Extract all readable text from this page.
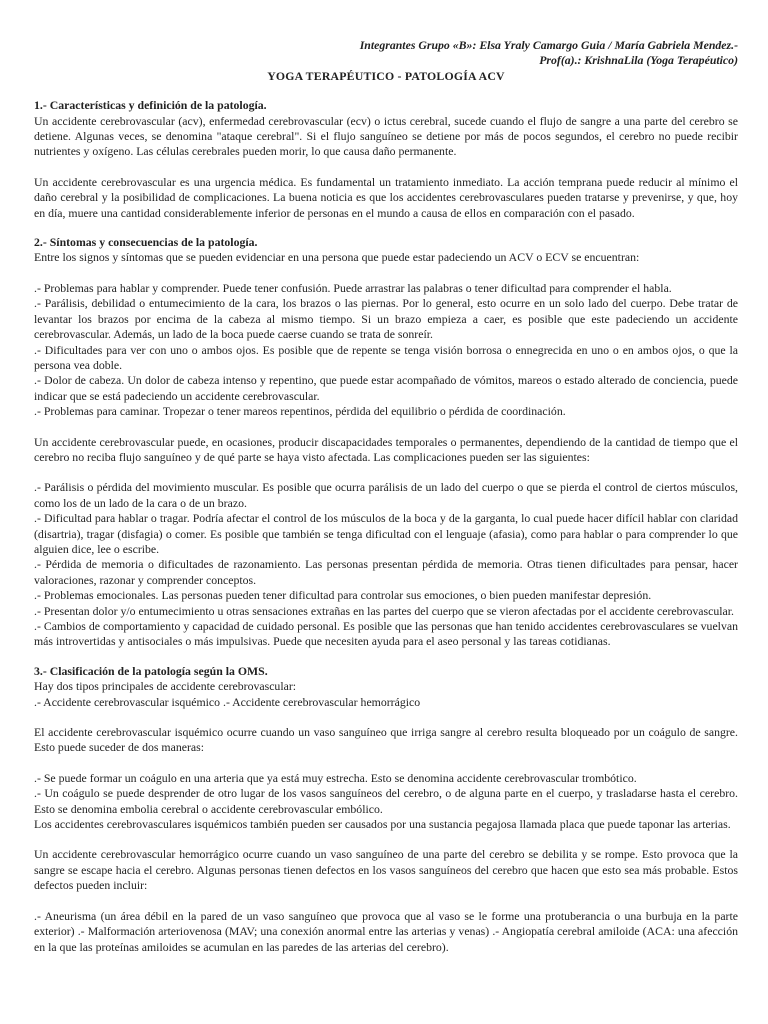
Integrantes Grupo «B»: Elsa Yraly Camargo Guia / María Gabriela Mendez.-
Prof(a).: KrishnaLila (Yoga Terapéutico)
YOGA TERAPÉUTICO - PATOLOGÍA ACV
1.- Características y definición de la patología.

Un accidente cerebrovascular (acv), enfermedad cerebrovascular (ecv) o ictus cerebral, sucede cuando el flujo de sangre a una parte del cerebro se detiene. Algunas veces, se denomina "ataque cerebral". Si el flujo sanguíneo se detiene por más de pocos segundos, el cerebro no puede recibir nutrientes y oxígeno. Las células cerebrales pueden morir, lo que causa daño permanente.

Un accidente cerebrovascular es una urgencia médica. Es fundamental un tratamiento inmediato. La acción temprana puede reducir al mínimo el daño cerebral y la posibilidad de complicaciones. La buena noticia es que los accidentes cerebrovasculares pueden tratarse y prevenirse, y que, hoy en día, muere una cantidad considerablemente inferior de personas en el mundo a causa de ellos en comparación con el pasado.

2.- Síntomas y consecuencias de la patología.

Entre los signos y síntomas que se pueden evidenciar en una persona que puede estar padeciendo un ACV o ECV se encuentran:

.- Problemas para hablar y comprender. Puede tener confusión. Puede arrastrar las palabras o tener dificultad para comprender el habla.

.- Parálisis, debilidad o entumecimiento de la cara, los brazos o las piernas. Por lo general, esto ocurre en un solo lado del cuerpo. Debe tratar de levantar los brazos por encima de la cabeza al mismo tiempo. Si un brazo empieza a caer, es posible que este padeciendo un accidente cerebrovascular. Además, un lado de la boca puede caerse cuando se trata de sonreír.

.- Dificultades para ver con uno o ambos ojos. Es posible que de repente se tenga visión borrosa o ennegrecida en uno o en ambos ojos, o que la persona vea doble.

.- Dolor de cabeza. Un dolor de cabeza intenso y repentino, que puede estar acompañado de vómitos, mareos o estado alterado de conciencia, puede indicar que se está padeciendo un accidente cerebrovascular.

.- Problemas para caminar. Tropezar o tener mareos repentinos, pérdida del equilibrio o pérdida de coordinación.

Un accidente cerebrovascular puede, en ocasiones, producir discapacidades temporales o permanentes, dependiendo de la cantidad de tiempo que el cerebro no reciba flujo sanguíneo y de qué parte se haya visto afectada. Las complicaciones pueden ser las siguientes:

.- Parálisis o pérdida del movimiento muscular. Es posible que ocurra parálisis de un lado del cuerpo o que se pierda el control de ciertos músculos, como los de un lado de la cara o de un brazo.

.- Dificultad para hablar o tragar. Podría afectar el control de los músculos de la boca y de la garganta, lo cual puede hacer difícil hablar con claridad (disartria), tragar (disfagia) o comer. Es posible que también se tenga dificultad con el lenguaje (afasia), como para hablar o para comprender lo que alguien dice, lee o escribe.

.- Pérdida de memoria o dificultades de razonamiento. Las personas presentan pérdida de memoria. Otras tienen dificultades para pensar, hacer valoraciones, razonar y comprender conceptos.

.- Problemas emocionales. Las personas pueden tener dificultad para controlar sus emociones, o bien pueden manifestar depresión.

.- Presentan dolor y/o entumecimiento u otras sensaciones extrañas en las partes del cuerpo que se vieron afectadas por el accidente cerebrovascular.

.- Cambios de comportamiento y capacidad de cuidado personal. Es posible que las personas que han tenido accidentes cerebrovasculares se vuelvan más introvertidas y antisociales o más impulsivas. Puede que necesiten ayuda para el aseo personal y las tareas cotidianas.

3.- Clasificación de la patología según la OMS.

Hay dos tipos principales de accidente cerebrovascular:

.- Accidente cerebrovascular isquémico .- Accidente cerebrovascular hemorrágico

El accidente cerebrovascular isquémico ocurre cuando un vaso sanguíneo que irriga sangre al cerebro resulta bloqueado por un coágulo de sangre. Esto puede suceder de dos maneras:

.- Se puede formar un coágulo en una arteria que ya está muy estrecha. Esto se denomina accidente cerebrovascular trombótico.

.- Un coágulo se puede desprender de otro lugar de los vasos sanguíneos del cerebro, o de alguna parte en el cuerpo, y trasladarse hasta el cerebro. Esto se denomina embolia cerebral o accidente cerebrovascular embólico.

Los accidentes cerebrovasculares isquémicos también pueden ser causados por una sustancia pegajosa llamada placa que puede taponar las arterias.

Un accidente cerebrovascular hemorrágico ocurre cuando un vaso sanguíneo de una parte del cerebro se debilita y se rompe. Esto provoca que la sangre se escape hacia el cerebro. Algunas personas tienen defectos en los vasos sanguíneos del cerebro que hacen que esto sea más probable. Estos defectos pueden incluir:

.- Aneurisma (un área débil en la pared de un vaso sanguíneo que provoca que al vaso se le forme una protuberancia o una burbuja en la parte exterior) .- Malformación arteriovenosa (MAV; una conexión anormal entre las arterias y venas) .- Angiopatía cerebral amiloide (ACA: una afección en la que las proteínas amiloides se acumulan en las paredes de las arterias del cerebro).
